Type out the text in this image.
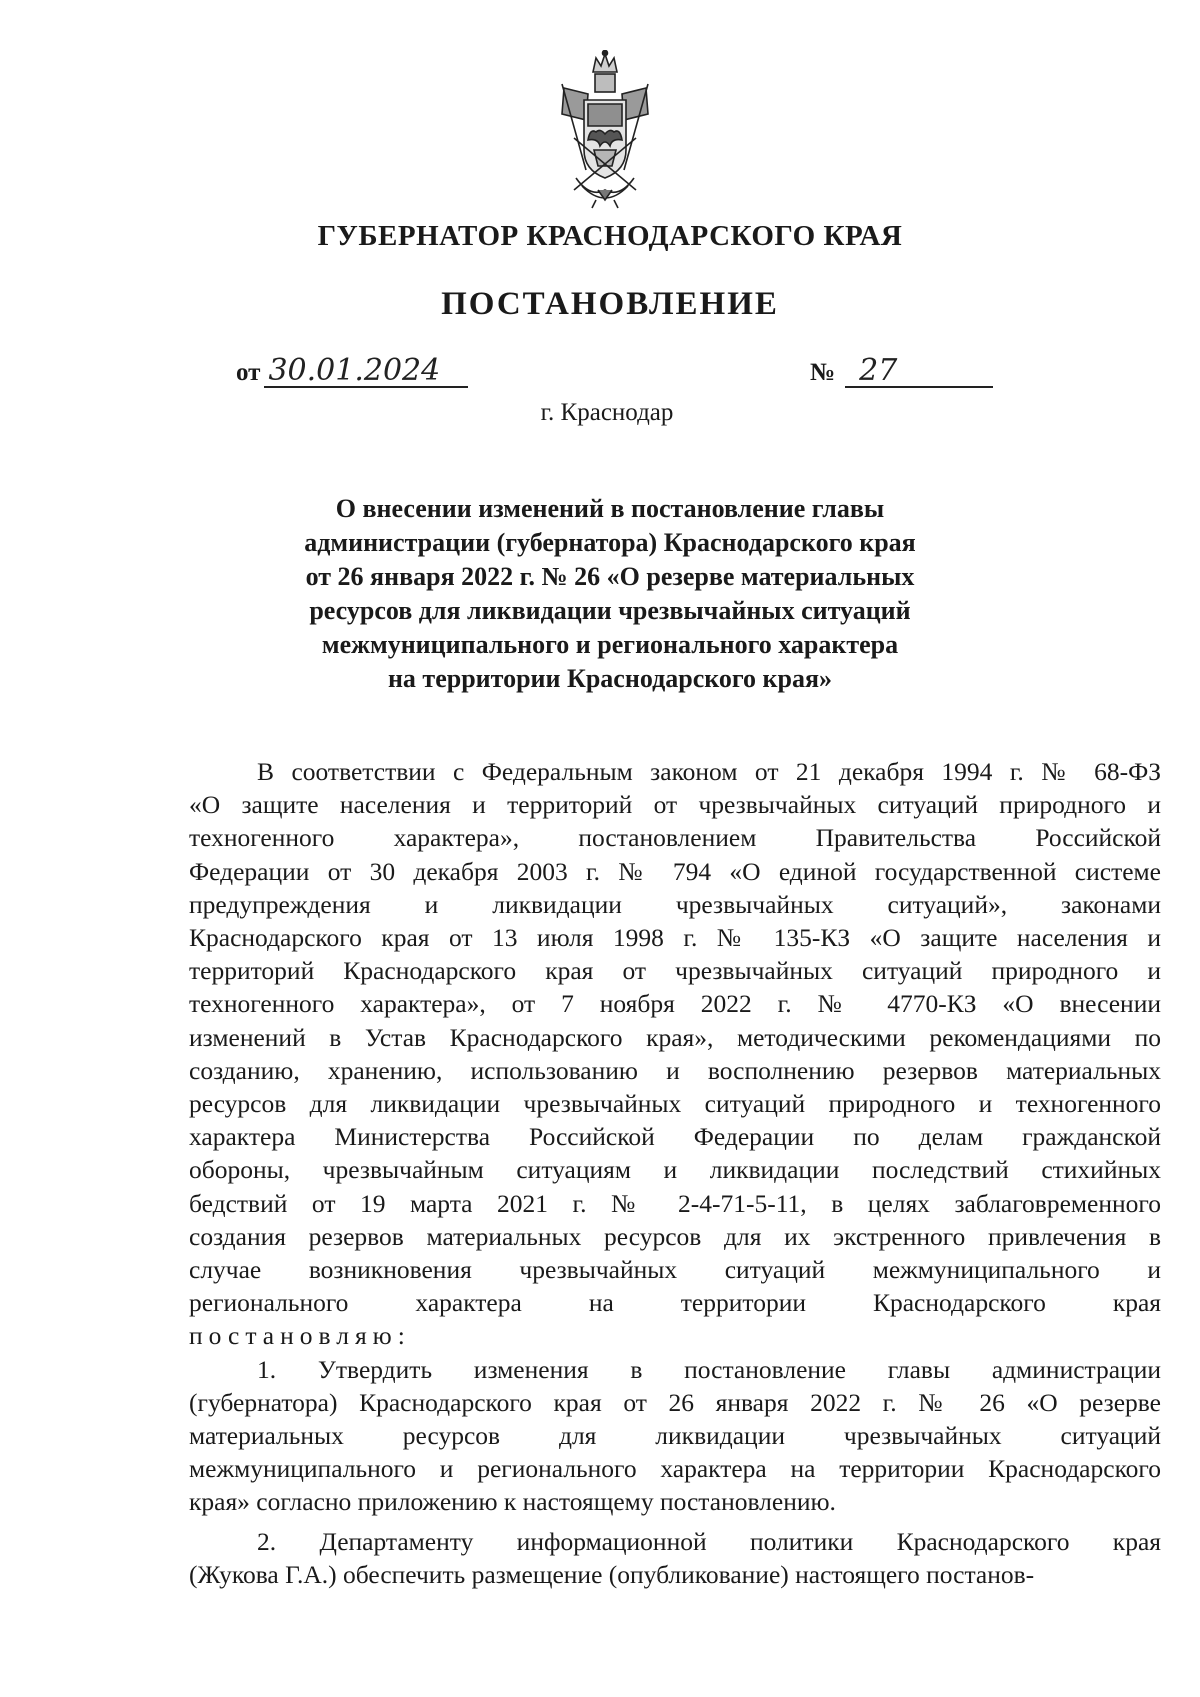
ГУБЕРНАТОР КРАСНОДАРСКОГО КРАЯ
ПОСТАНОВЛЕНИЕ
от 30.01.2024	№ 27
г. Краснодар
О внесении изменений в постановление главы
администрации (губернатора) Краснодарского края
от 26 января 2022 г. № 26 «О резерве материальных
ресурсов для ликвидации чрезвычайных ситуаций
межмуниципального и регионального характера
на территории Краснодарского края»
В соответствии с Федеральным законом от 21 декабря 1994 г. № 68-ФЗ
«О защите населения и территорий от чрезвычайных ситуаций природного и
техногенного характера», постановлением Правительства Российской
Федерации от 30 декабря 2003 г. № 794 «О единой государственной системе
предупреждения и ликвидации чрезвычайных ситуаций», законами
Краснодарского края от 13 июля 1998 г. № 135-КЗ «О защите населения и
территорий Краснодарского края от чрезвычайных ситуаций природного и
техногенного характера», от 7 ноября 2022 г. № 4770-КЗ «О внесении
изменений в Устав Краснодарского края», методическими рекомендациями по
созданию, хранению, использованию и восполнению резервов материальных
ресурсов для ликвидации чрезвычайных ситуаций природного и техногенного
характера Министерства Российской Федерации по делам гражданской
обороны, чрезвычайным ситуациям и ликвидации последствий стихийных
бедствий от 19 марта 2021 г. № 2-4-71-5-11, в целях заблаговременного
создания резервов материальных ресурсов для их экстренного привлечения в
случае возникновения чрезвычайных ситуаций межмуниципального и
регионального характера на территории Краснодарского края
постановляю:
1. Утвердить изменения в постановление главы администрации
(губернатора) Краснодарского края от 26 января 2022 г. № 26 «О резерве
материальных ресурсов для ликвидации чрезвычайных ситуаций
межмуниципального и регионального характера на территории Краснодарского
края» согласно приложению к настоящему постановлению.
2. Департаменту информационной политики Краснодарского края
(Жукова Г.А.) обеспечить размещение (опубликование) настоящего постанов-
